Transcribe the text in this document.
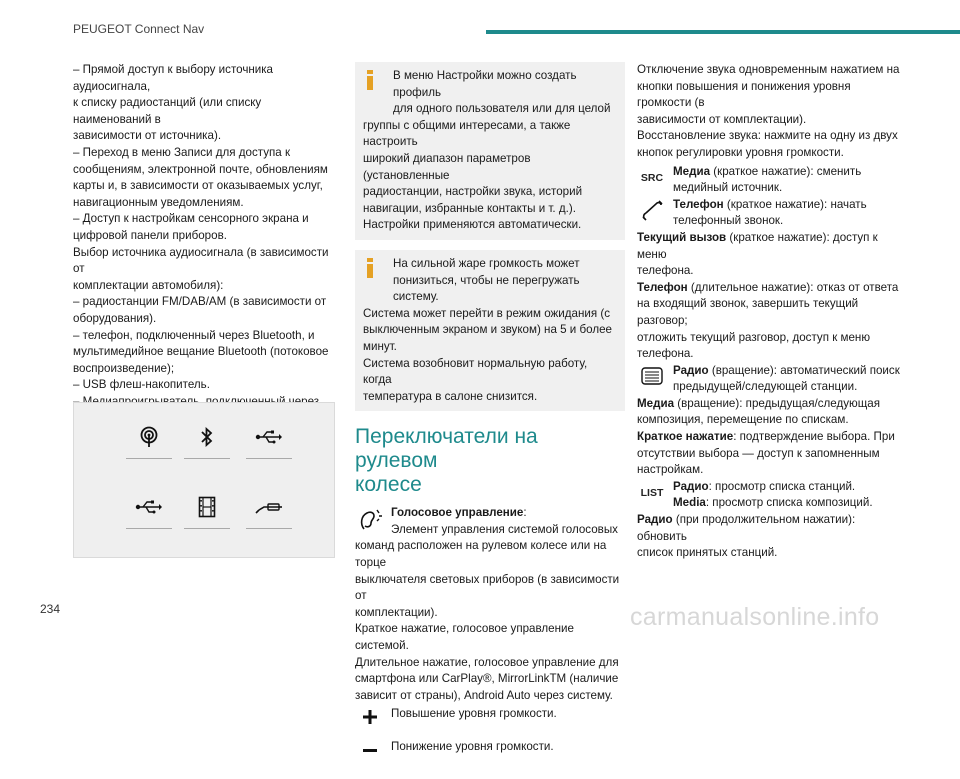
PEUGEOT Connect Nav

– Прямой доступ к выбору источника аудиосигнала,

к списку радиостанций (или списку наименований в

зависимости от источника).

– Переход в меню Записи для доступа к

сообщениям, электронной почте, обновлениям

карты и, в зависимости от оказываемых услуг,

навигационным уведомлениям.

– Доступ к настройкам сенсорного экрана и

цифровой панели приборов.

Выбор источника аудиосигнала (в зависимости от

комплектации автомобиля):

– радиостанции FM/DAB/AM (в зависимости от

оборудования).

– телефон, подключенный через Bluetooth, и

мультимедийное вещание Bluetooth (потоковое

воспроизведение);

– USB флеш-накопитель.

В меню Настройки можно создать профиль

для одного пользователя или для целой

группы с общими интересами, а также настроить

широкий диапазон параметров (установленные

радиостанции, настройки звука, историй

навигации, избранные контакты и т. д.).

Настройки применяются автоматически.

На сильной жаре громкость может

понизиться, чтобы не перегружать систему.

Система может перейти в режим ожидания (с

выключенным экраном и звуком) на 5 и более

минут.

Система возобновит нормальную работу, когда

температура в салоне снизится.

Переключатели на рулевом
колесе

Голосовое управление:

Элемент управления системой голосовых

команд расположен на рулевом колесе или на торце

выключателя световых приборов (в зависимости от

комплектации).

Краткое нажатие, голосовое управление системой.

Длительное нажатие, голосовое управление для

смартфона или CarPlay®, MirrorLinkTM (наличие

зависит от страны), Android Auto через систему.

Повышение уровня громкости.

Понижение уровня громкости.

Отключение звука одновременным нажатием на

кнопки повышения и понижения уровня громкости (в

зависимости от комплектации).

Восстановление звука: нажмите на одну из двух

кнопок регулировки уровня громкости.

SRC Медиа (краткое нажатие): сменить

медийный источник.

Телефон (краткое нажатие): начать

телефонный звонок.

Текущий вызов (краткое нажатие): доступ к меню

телефона.

Телефон (длительное нажатие): отказ от ответа

на входящий звонок, завершить текущий разговор;

отложить текущий разговор, доступ к меню

телефона.

Радио (вращение): автоматический поиск

предыдущей/следующей станции.

Медиа (вращение): предыдущая/следующая

композиция, перемещение по спискам.

Краткое нажатие: подтверждение выбора. При

отсутствии выбора — доступ к запомненным

настройкам.

LIST Радио: просмотр списка станций.

Media: просмотр списка композиций.

Радио (при продолжительном нажатии): обновить

список принятых станций.

234	carmanualsonline.info
